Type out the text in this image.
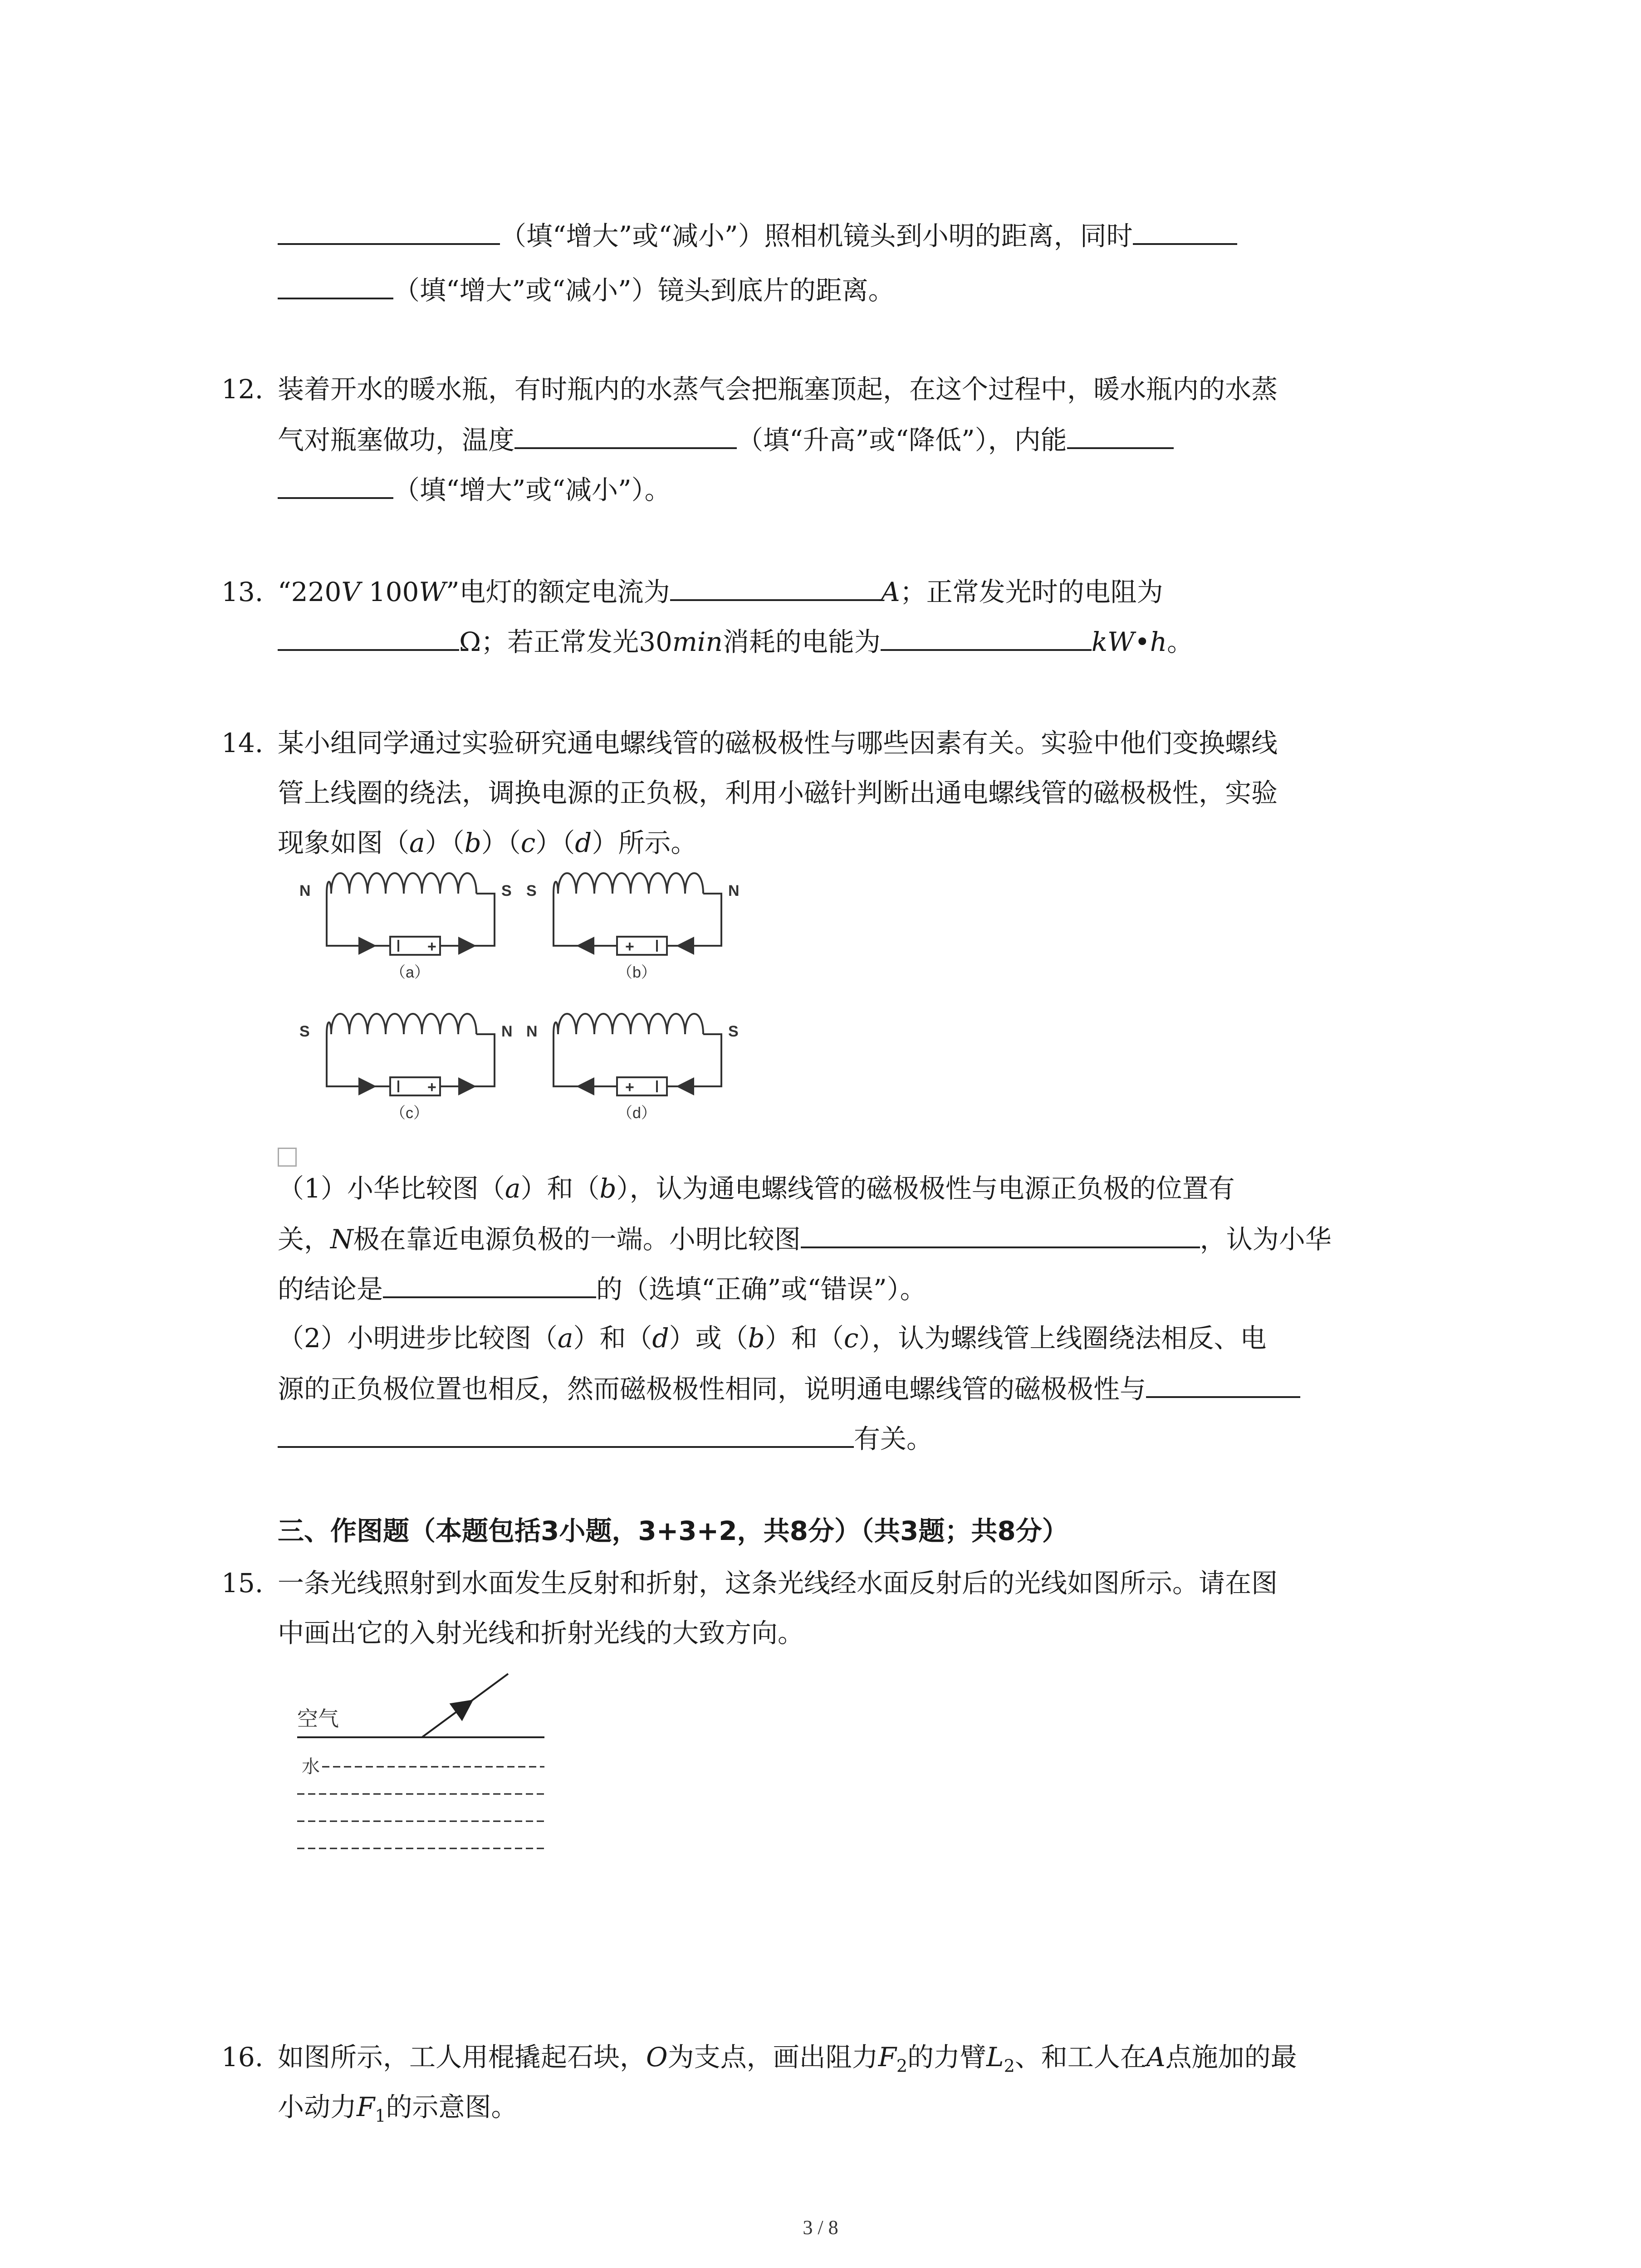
（填“增大”或“减小”）照相机镜头到小明的距离，同时
（填“增大”或“减小”）镜头到底片的距离。
12. 装着开水的暖水瓶，有时瓶内的水蒸气会把瓶塞顶起，在这个过程中，暖水瓶内的水蒸
气对瓶塞做功，温度	（填“升高”或“降低”），内能
（填“增大”或“减小”）。
13. “220V 100W”电灯的额定电流为	A；正常发光时的电阻为
Ω；若正常发光30min消耗的电能为	kW•h。
14. 某小组同学通过实验研究通电螺线管的磁极极性与哪些因素有关。实验中他们变换螺线
管上线圈的绕法，调换电源的正负极，利用小磁针判断出通电螺线管的磁极极性，实验
现象如图（a）（b）（c）（d）所示。
+
N	S
（a）
+
S	N
（b）
+
S	N
（c）
+
N	S
（d）
（1）小华比较图（a）和（b），认为通电螺线管的磁极极性与电源正负极的位置有
关，N极在靠近电源负极的一端。小明比较图	，认为小华
的结论是	的（选填“正确”或“错误”）。
（2）小明进步比较图（a）和（d）或（b）和（c），认为螺线管上线圈绕法相反、电
源的正负极位置也相反，然而磁极极性相同，说明通电螺线管的磁极极性与
有关。
三、作图题（本题包括3小题，3+3+2，共8分）（共3题；共8分）
15. 一条光线照射到水面发生反射和折射，这条光线经水面反射后的光线如图所示。请在图
中画出它的入射光线和折射光线的大致方向。
空气
水
16. 如图所示，工人用棍撬起石块，O为支点，画出阻力$F_2$的力臂$L_2$、和工人在A点施加的最
小动力$F_1$的示意图。
3 / 8
